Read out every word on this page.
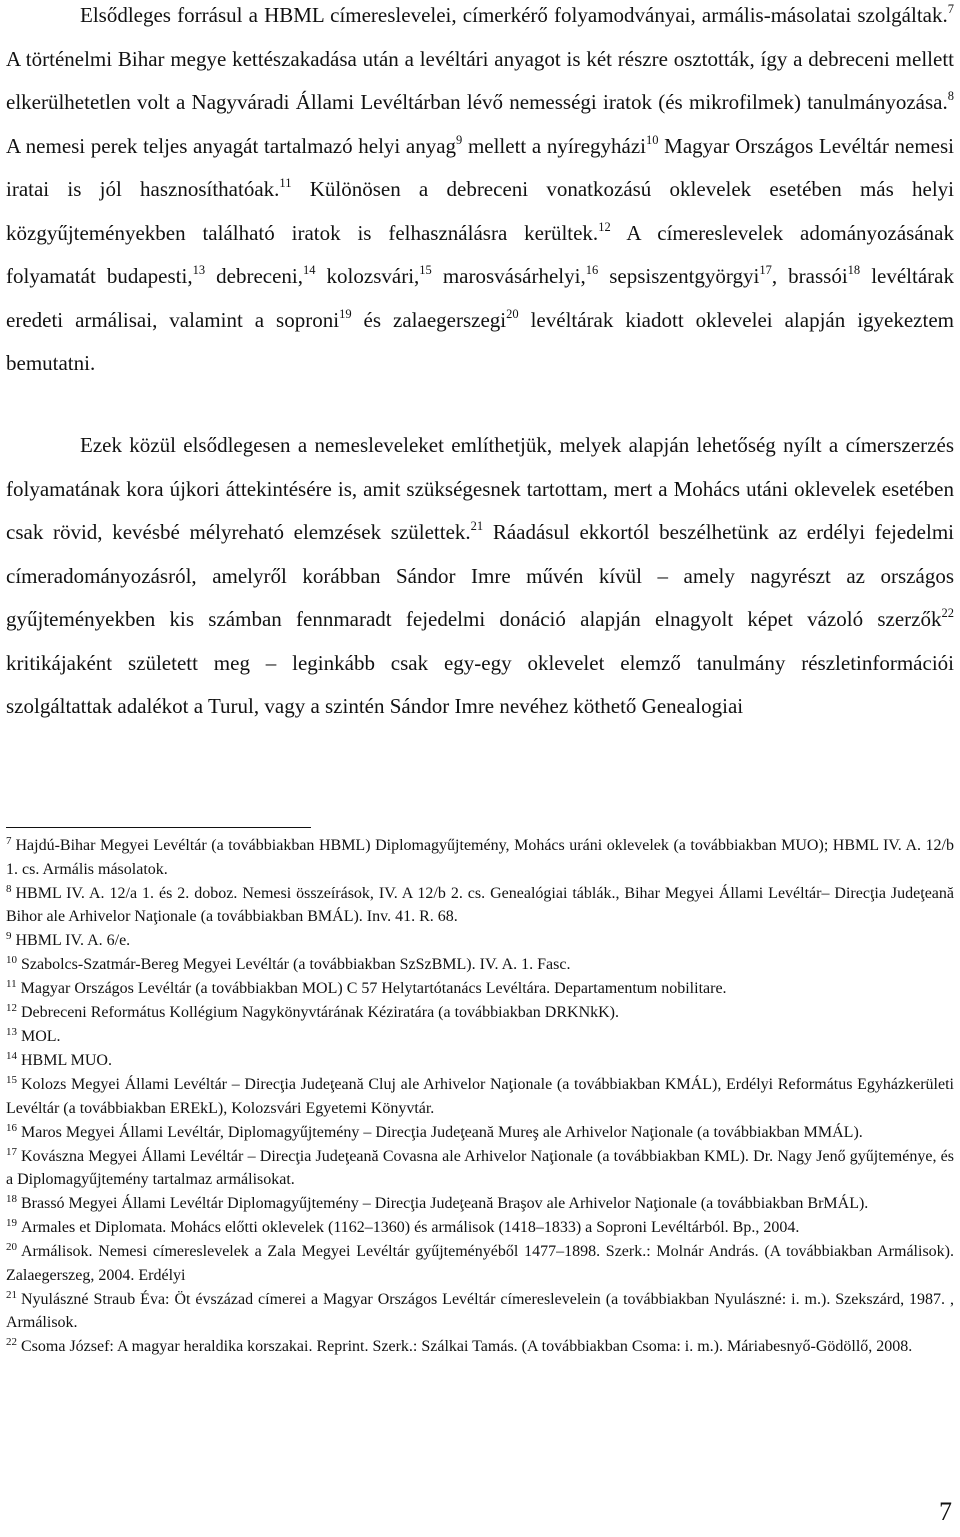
Elsődleges forrásul a HBML címereslevelei, címerkérő folyamodványai, armális-másolatai szolgáltak.$^7$ A történelmi Bihar megye kettészakadása után a levéltári anyagot is két részre osztották, így a debreceni mellett elkerülhetetlen volt a Nagyváradi Állami Levéltárban lévő nemességi iratok (és mikrofilmek) tanulmányozása.$^8$ A nemesi perek teljes anyagát tartalmazó helyi anyag$^9$ mellett a nyíregyházi$^{10}$ Magyar Országos Levéltár nemesi iratai is jól hasznosíthatóak.$^{11}$ Különösen a debreceni vonatkozású oklevelek esetében más helyi közgyűjteményekben található iratok is felhasználásra kerültek.$^{12}$ A címereslevelek adományozásának folyamatát budapesti,$^{13}$ debreceni,$^{14}$ kolozsvári,$^{15}$ marosvásárhelyi,$^{16}$ sepsiszentgyörgyi$^{17}$, brassói$^{18}$ levéltárak eredeti armálisai, valamint a soproni$^{19}$ és zalaegerszegi$^{20}$ levéltárak kiadott oklevelei alapján igyekeztem bemutatni.

Ezek közül elsődlegesen a nemesleveleket említhetjük, melyek alapján lehetőség nyílt a címerszerzés folyamatának kora újkori áttekintésére is, amit szükségesnek tartottam, mert a Mohács utáni oklevelek esetében csak rövid, kevésbé mélyreható elemzések születtek.$^{21}$ Ráadásul ekkortól beszélhetünk az erdélyi fejedelmi címeradományozásról, amelyről korábban Sándor Imre művén kívül – amely nagyrészt az országos gyűjteményekben kis számban fennmaradt fejedelmi donáció alapján elnagyolt képet vázoló szerzők$^{22}$ kritikájaként született meg – leginkább csak egy-egy oklevelet elemző tanulmány részletinformációi szolgáltattak adalékot a Turul, vagy a szintén Sándor Imre nevéhez köthető Genealogiai

$^7$ Hajdú-Bihar Megyei Levéltár (a továbbiakban HBML) Diplomagyűjtemény, Mohács uráni oklevelek (a továbbiakban MUO); HBML IV. A. 12/b 1. cs. Armális másolatok.

$^8$ HBML IV. A. 12/a 1. és 2. doboz. Nemesi összeírások, IV. A 12/b 2. cs. Genealógiai táblák., Bihar Megyei Állami Levéltár– Direcţia Judeţeană Bihor ale Arhivelor Naţionale (a továbbiakban BMÁL). Inv. 41. R. 68.

$^9$ HBML IV. A. 6/e.

$^{10}$ Szabolcs-Szatmár-Bereg Megyei Levéltár (a továbbiakban SzSzBML). IV. A. 1. Fasc.

$^{11}$ Magyar Országos Levéltár (a továbbiakban MOL) C 57 Helytartótanács Levéltára. Departamentum nobilitare.

$^{12}$ Debreceni Református Kollégium Nagykönyvtárának Kéziratára (a továbbiakban DRKNkK).

$^{13}$ MOL.

$^{14}$ HBML MUO.

$^{15}$ Kolozs Megyei Állami Levéltár – Direcţia Judeţeană Cluj ale Arhivelor Naţionale (a továbbiakban KMÁL), Erdélyi Református Egyházkerületi Levéltár (a továbbiakban EREkL), Kolozsvári Egyetemi Könyvtár.

$^{16}$ Maros Megyei Állami Levéltár, Diplomagyűjtemény – Direcţia Judeţeană Mureş ale Arhivelor Naţionale (a továbbiakban MMÁL).

$^{17}$ Kovászna Megyei Állami Levéltár – Direcţia Judeţeană Covasna ale Arhivelor Naţionale (a továbbiakban KML). Dr. Nagy Jenő gyűjteménye, és a Diplomagyűjtemény tartalmaz armálisokat.

$^{18}$ Brassó Megyei Állami Levéltár Diplomagyűjtemény – Direcţia Judeţeană Braşov ale Arhivelor Naţionale (a továbbiakban BrMÁL).

$^{19}$ Armales et Diplomata. Mohács előtti oklevelek (1162–1360) és armálisok (1418–1833) a Soproni Levéltárból. Bp., 2004.

$^{20}$ Armálisok. Nemesi címereslevelek a Zala Megyei Levéltár gyűjteményéből 1477–1898. Szerk.: Molnár András. (A továbbiakban Armálisok). Zalaegerszeg, 2004. Erdélyi

$^{21}$ Nyulászné Straub Éva: Öt évszázad címerei a Magyar Országos Levéltár címereslevelein (a továbbiakban Nyulászné: i. m.). Szekszárd, 1987. , Armálisok.

$^{22}$ Csoma József: A magyar heraldika korszakai. Reprint. Szerk.: Szálkai Tamás. (A továbbiakban Csoma: i. m.). Máriabesnyő-Gödöllő, 2008.

7
